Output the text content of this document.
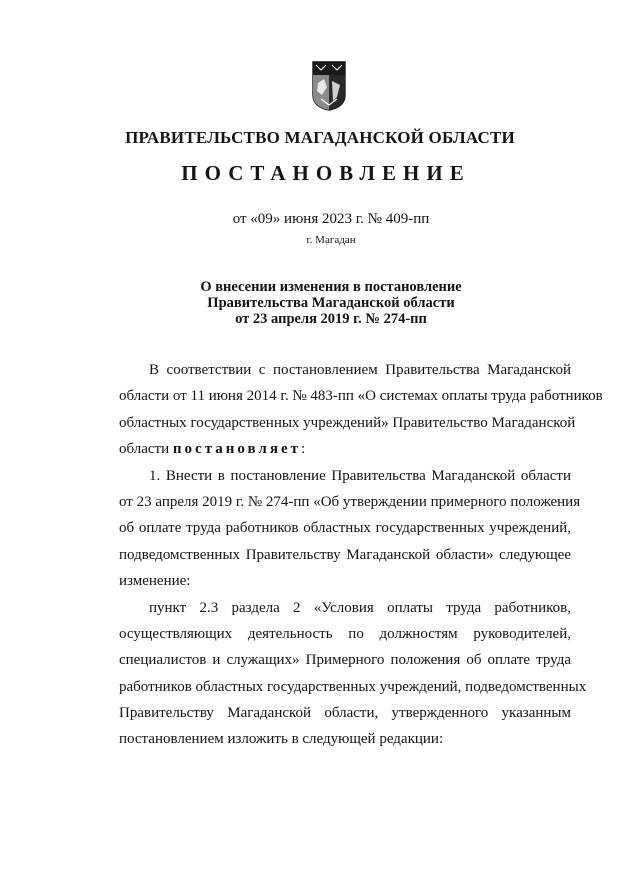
ПРАВИТЕЛЬСТВО МАГАДАНСКОЙ ОБЛАСТИ
ПОСТАНОВЛЕНИЕ
от «09» июня 2023 г. № 409-пп
г. Магадан
О внесении изменения в постановление
Правительства Магаданской области
от 23 апреля 2019 г. № 274-пп
В соответствии с постановлением Правительства Магаданской
области от 11 июня 2014 г. № 483-пп «О системах оплаты труда работников
областных государственных учреждений» Правительство Магаданской
области постановляет:
1. Внести в постановление Правительства Магаданской области
от 23 апреля 2019 г. № 274-пп «Об утверждении примерного положения
об оплате труда работников областных государственных учреждений,
подведомственных Правительству Магаданской области» следующее
изменение:
пункт 2.3 раздела 2 «Условия оплаты труда работников,
осуществляющих деятельность по должностям руководителей,
специалистов и служащих» Примерного положения об оплате труда
работников областных государственных учреждений, подведомственных
Правительству Магаданской области, утвержденного указанным
постановлением изложить в следующей редакции:
